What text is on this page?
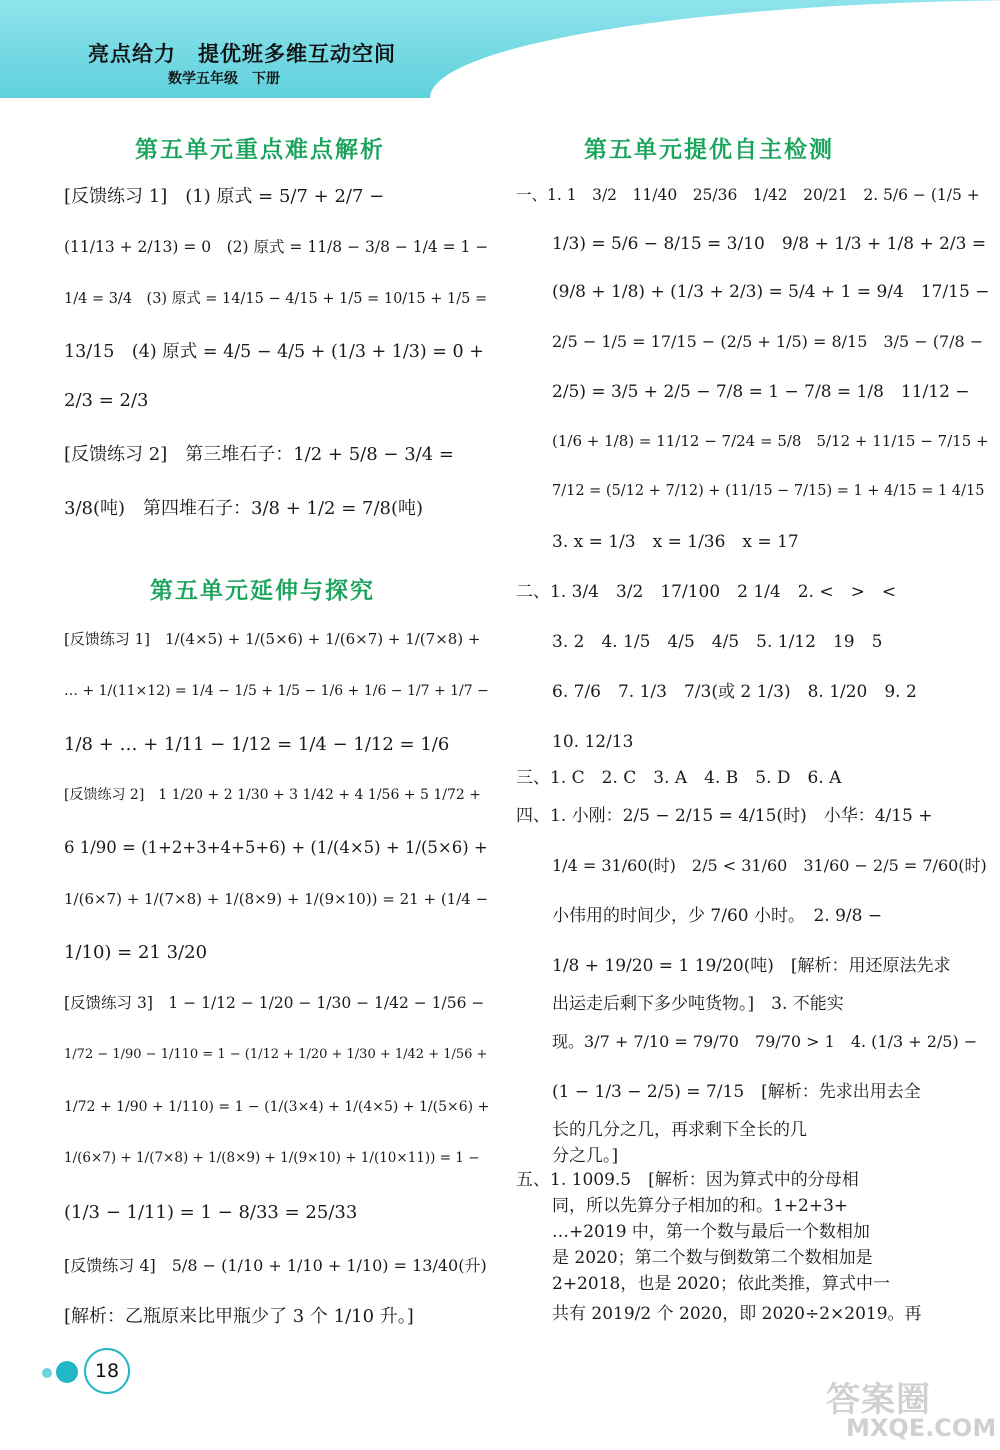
亮点给力　提优班多维互动空间
数学五年级　下册
第五单元重点难点解析
[反馈练习 1]　(1) 原式 = 5/7 + 2/7 −
(11/13 + 2/13) = 0　(2) 原式 = 11/8 − 3/8 − 1/4 = 1 −
1/4 = 3/4　(3) 原式 = 14/15 − 4/15 + 1/5 = 10/15 + 1/5 =
13/15　(4) 原式 = 4/5 − 4/5 + (1/3 + 1/3) = 0 +
2/3 = 2/3
[反馈练习 2]　第三堆石子：1/2 + 5/8 − 3/4 =
3/8(吨)　第四堆石子：3/8 + 1/2 = 7/8(吨)
第五单元延伸与探究
[反馈练习 1]　1/(4×5) + 1/(5×6) + 1/(6×7) + 1/(7×8) +
… + 1/(11×12) = 1/4 − 1/5 + 1/5 − 1/6 + 1/6 − 1/7 + 1/7 −
1/8 + … + 1/11 − 1/12 = 1/4 − 1/12 = 1/6
[反馈练习 2]　1 1/20 + 2 1/30 + 3 1/42 + 4 1/56 + 5 1/72 +
6 1/90 = (1+2+3+4+5+6) + (1/(4×5) + 1/(5×6) +
1/(6×7) + 1/(7×8) + 1/(8×9) + 1/(9×10)) = 21 + (1/4 −
1/10) = 21 3/20
[反馈练习 3]　1 − 1/12 − 1/20 − 1/30 − 1/42 − 1/56 −
1/72 − 1/90 − 1/110 = 1 − (1/12 + 1/20 + 1/30 + 1/42 + 1/56 +
1/72 + 1/90 + 1/110) = 1 − (1/(3×4) + 1/(4×5) + 1/(5×6) +
1/(6×7) + 1/(7×8) + 1/(8×9) + 1/(9×10) + 1/(10×11)) = 1 −
(1/3 − 1/11) = 1 − 8/33 = 25/33
[反馈练习 4]　5/8 − (1/10 + 1/10 + 1/10) = 13/40(升)
[解析：乙瓶原来比甲瓶少了 3 个 1/10 升。]
第五单元提优自主检测
一、1. 1　3/2　11/40　25/36　1/42　20/21　2. 5/6 − (1/5 +
1/3) = 5/6 − 8/15 = 3/10　9/8 + 1/3 + 1/8 + 2/3 =
(9/8 + 1/8) + (1/3 + 2/3) = 5/4 + 1 = 9/4　17/15 −
2/5 − 1/5 = 17/15 − (2/5 + 1/5) = 8/15　3/5 − (7/8 −
2/5) = 3/5 + 2/5 − 7/8 = 1 − 7/8 = 1/8　11/12 −
(1/6 + 1/8) = 11/12 − 7/24 = 5/8　5/12 + 11/15 − 7/15 +
7/12 = (5/12 + 7/12) + (11/15 − 7/15) = 1 + 4/15 = 1 4/15
3. x = 1/3　x = 1/36　x = 17
二、1. 3/4　3/2　17/100　2 1/4　2. <　>　<
3. 2　4. 1/5　4/5　4/5　5. 1/12　19　5
6. 7/6　7. 1/3　7/3(或 2 1/3)　8. 1/20　9. 2
10. 12/13
三、1. C　2. C　3. A　4. B　5. D　6. A
四、1. 小刚：2/5 − 2/15 = 4/15(时)　小华：4/15 +
1/4 = 31/60(时)　2/5 < 31/60　31/60 − 2/5 = 7/60(时)
小伟用的时间少，少 7/60 小时。　2. 9/8 −
1/8 + 19/20 = 1 19/20(吨)　[解析：用还原法先求
出运走后剩下多少吨货物。]　3. 不能实
现。3/7 + 7/10 = 79/70　79/70 > 1　4. (1/3 + 2/5) −
(1 − 1/3 − 2/5) = 7/15　[解析：先求出用去全
长的几分之几，再求剩下全长的几
分之几。]
五、1. 1009.5　[解析：因为算式中的分母相
同，所以先算分子相加的和。1+2+3+
…+2019 中，第一个数与最后一个数相加
是 2020；第二个数与倒数第二个数相加是
2+2018，也是 2020；依此类推，算式中一
共有 2019/2 个 2020，即 2020÷2×2019。再
18
答案圈
MXQE.COM
